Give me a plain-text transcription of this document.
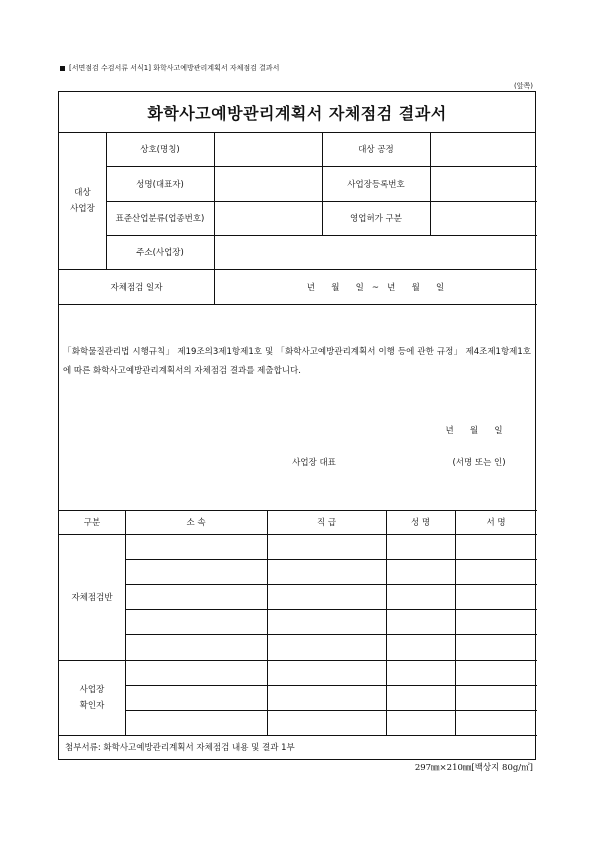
[서면점검 수검서류 서식1] 화학사고예방관리계획서 자체점검 결과서
(앞쪽)
화학사고예방관리계획서 자체점검 결과서
대상
사업장
상호(명칭)	대상 공정
성명(대표자)	사업장등록번호
표준산업분류(업종번호)	영업허가 구분
주소(사업장)
자체점검 일자	년      월      일   ~   년      월      일
「화학물질관리법 시행규칙」 제19조의3제1항제1호 및 「화학사고예방관리계획서 이행 등에 관한 규정」 제4조제1항제1호에 따른 화학사고예방관리계획서의 자체점검 결과를 제출합니다.
년      월      일
사업장 대표	(서명 또는 인)
구분	소 속	직 급	성 명	서 명
자체점검반
사업장
확인자
첨부서류: 화학사고예방관리계획서 자체점검 내용 및 결과 1부
297㎜×210㎜[백상지 80g/㎡]
